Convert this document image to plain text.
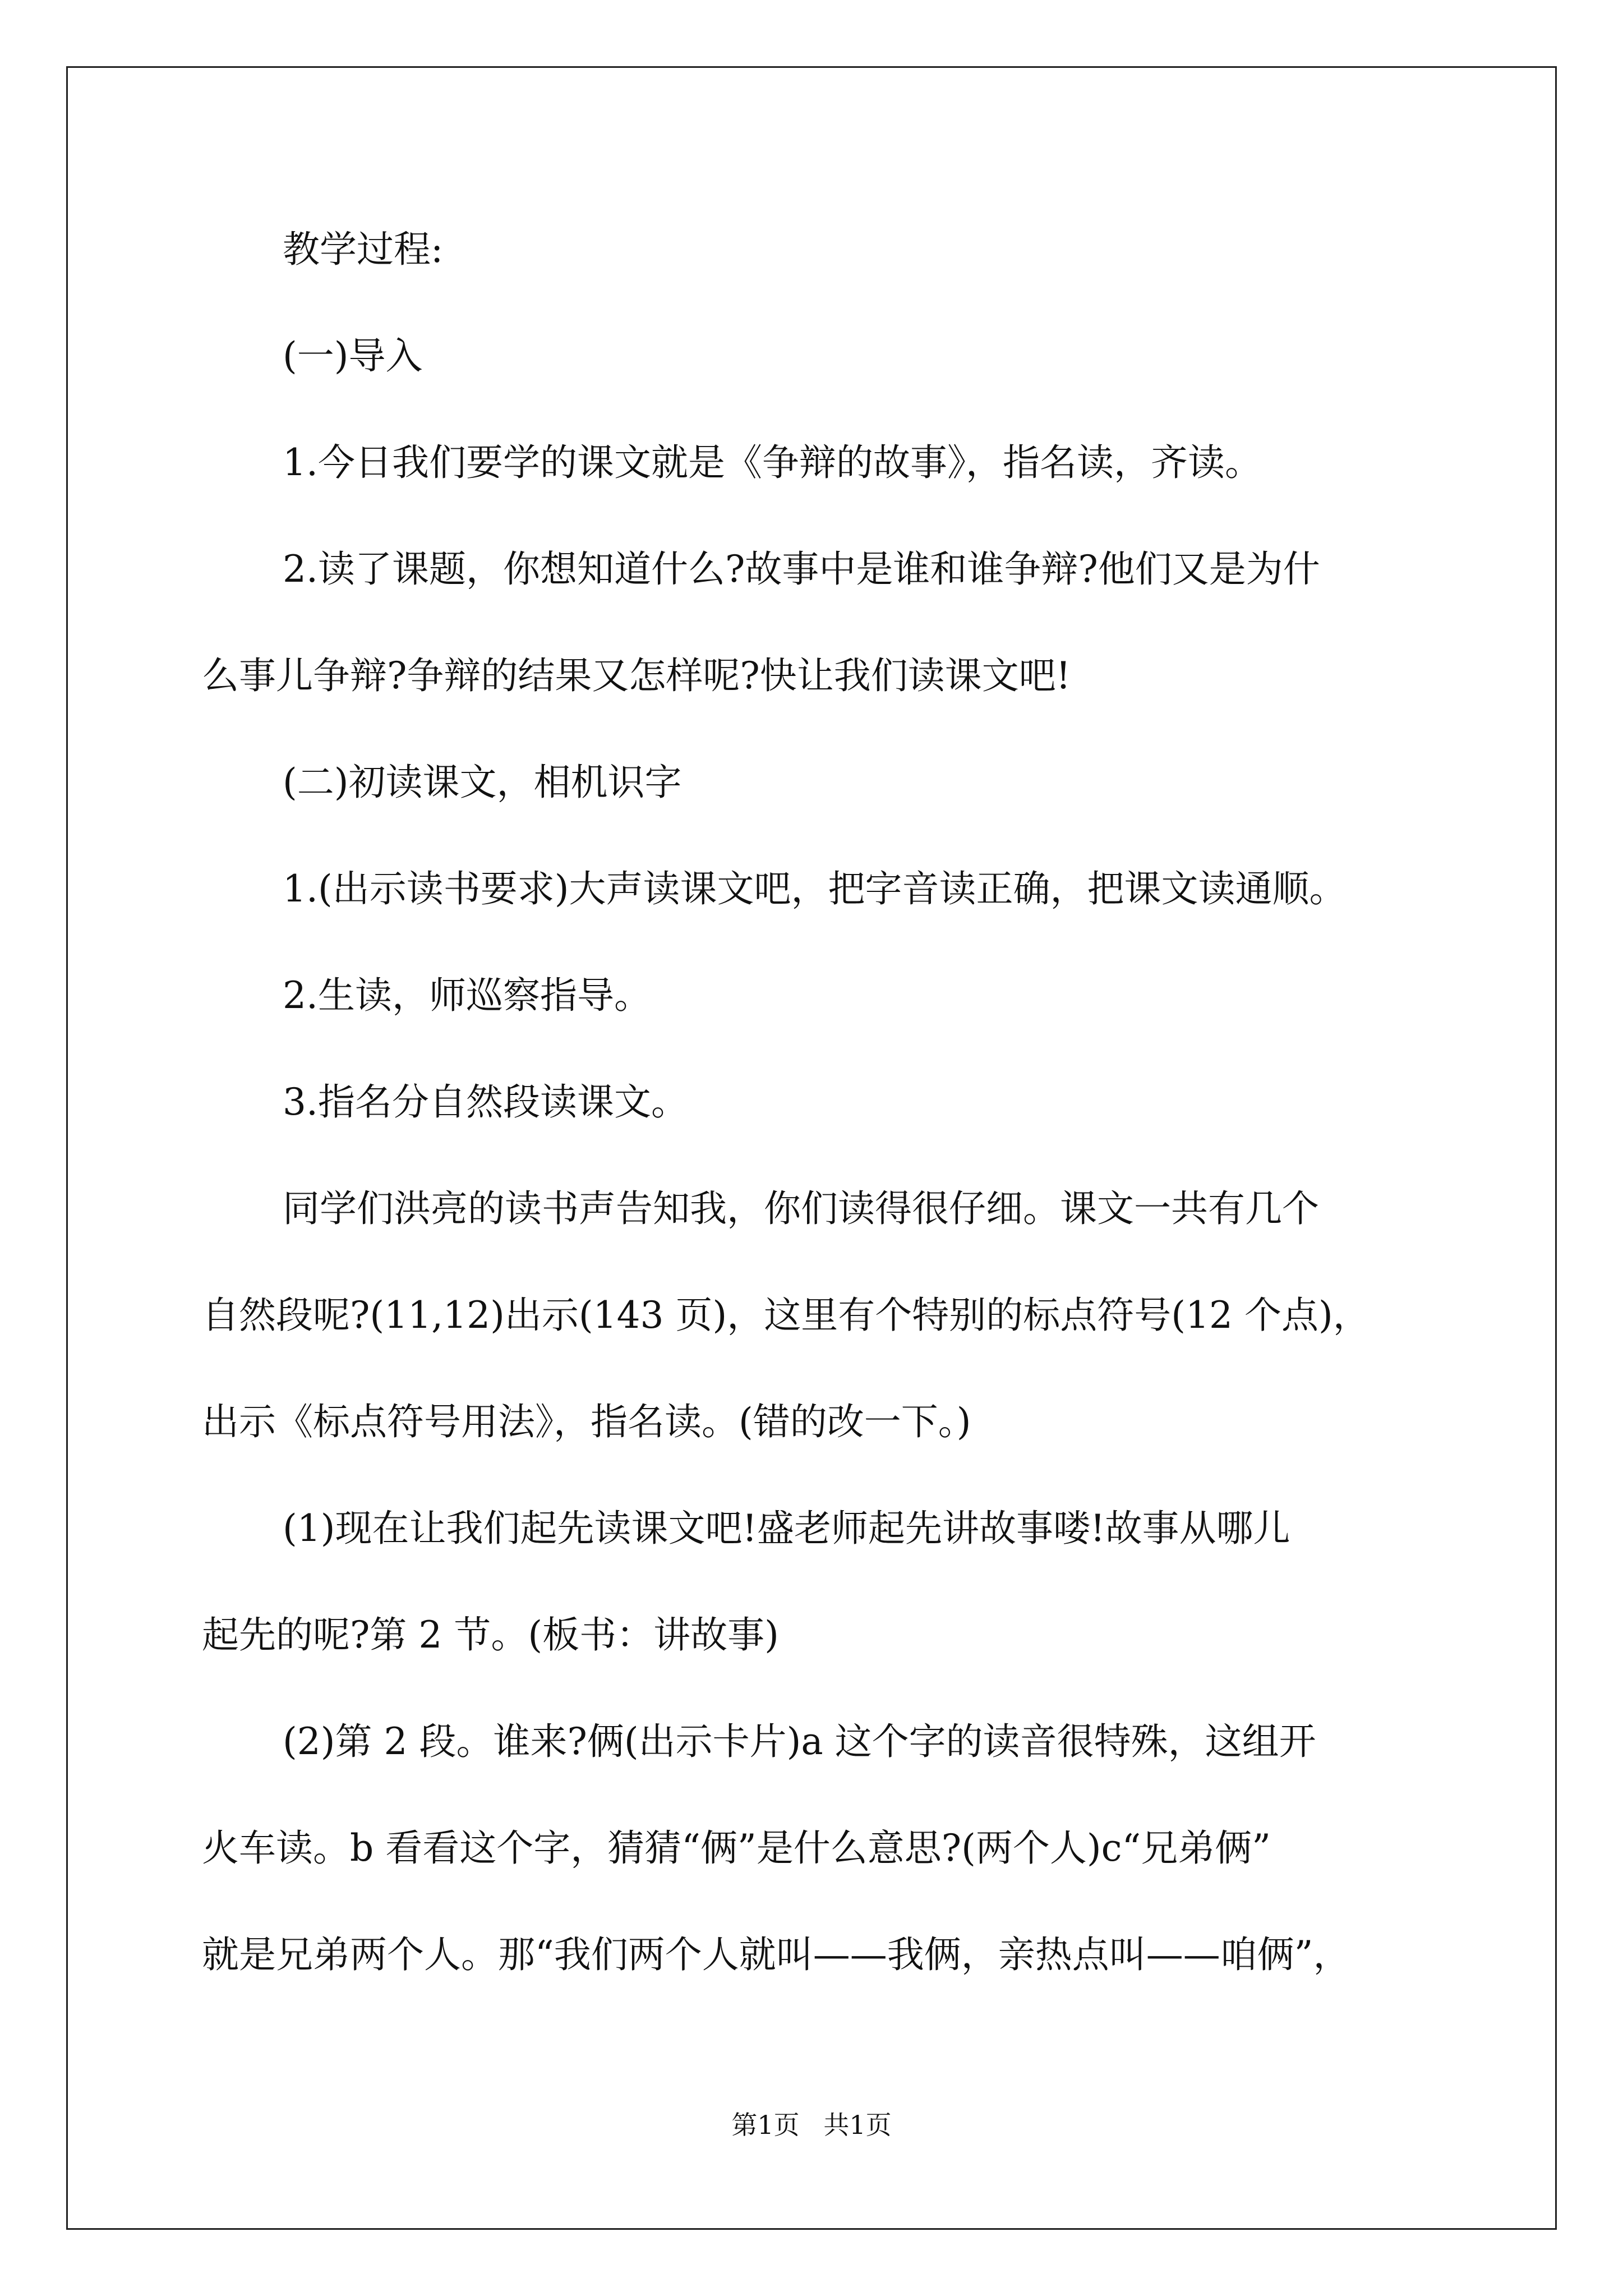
教学过程:

(一)导入

1.今日我们要学的课文就是《争辩的故事》，指名读，齐读。

2.读了课题，你想知道什么?故事中是谁和谁争辩?他们又是为什
么事儿争辩?争辩的结果又怎样呢?快让我们读课文吧!

(二)初读课文，相机识字

1.(出示读书要求)大声读课文吧，把字音读正确，把课文读通顺。

2.生读，师巡察指导。

3.指名分自然段读课文。

同学们洪亮的读书声告知我，你们读得很仔细。课文一共有几个
自然段呢?(11,12)出示(143 页)，这里有个特别的标点符号(12 个点)，
出示《标点符号用法》，指名读。(错的改一下。)

(1)现在让我们起先读课文吧!盛老师起先讲故事喽!故事从哪儿
起先的呢?第 2 节。(板书：讲故事)

(2)第 2 段。谁来?俩(出示卡片)a 这个字的读音很特殊，这组开
火车读。b 看看这个字，猜猜“俩”是什么意思?(两个人)c“兄弟俩”
就是兄弟两个人。那“我们两个人就叫——我俩，亲热点叫——咱俩”，

第1页 共1页
